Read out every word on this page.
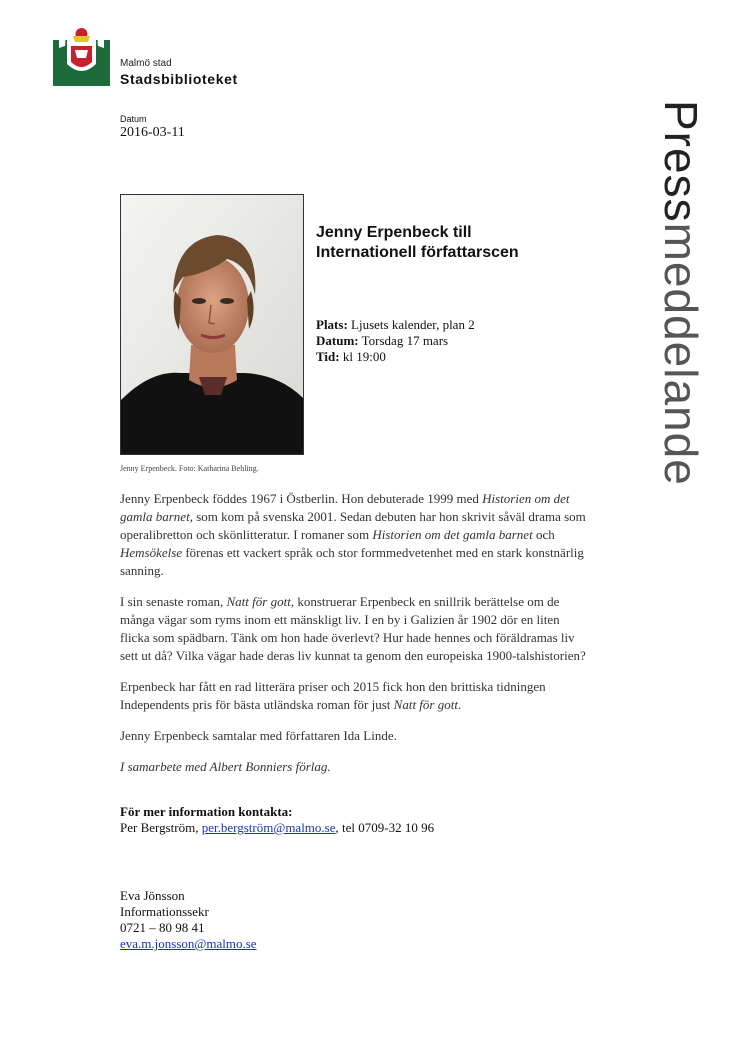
Malmö stad
Stadsbiblioteket
Datum
2016-03-11	Pressmeddelande
Jenny Erpenbeck. Foto: Katharina Behling.
Jenny Erpenbeck till
Internationell författarscen
Plats: Ljusets kalender, plan 2
Datum: Torsdag 17 mars
Tid: kl 19:00

Jenny Erpenbeck föddes 1967 i Östberlin. Hon debuterade 1999 med Historien om det gamla barnet, som kom på svenska 2001. Sedan debuten har hon skrivit såväl drama som operalibretton och skönlitteratur. I romaner som Historien om det gamla barnet och Hemsökelse förenas ett vackert språk och stor formmedvetenhet med en stark konstnärlig sanning.

I sin senaste roman, Natt för gott, konstruerar Erpenbeck en snillrik berättelse om de många vägar som ryms inom ett mänskligt liv. I en by i Galizien år 1902 dör en liten flicka som spädbarn. Tänk om hon hade överlevt? Hur hade hennes och föräldramas liv sett ut då? Vilka vägar hade deras liv kunnat ta genom den europeiska 1900-talshistorien?

Erpenbeck har fått en rad litterära priser och 2015 fick hon den brittiska tidningen Independents pris för bästa utländska roman för just Natt för gott.

Jenny Erpenbeck samtalar med författaren Ida Linde.

I samarbete med Albert Bonniers förlag.

För mer information kontakta:
Per Bergström, per.bergström@malmo.se, tel 0709-32 10 96
Eva Jönsson
Informationssekr
0721 – 80 98 41
eva.m.jonsson@malmo.se
